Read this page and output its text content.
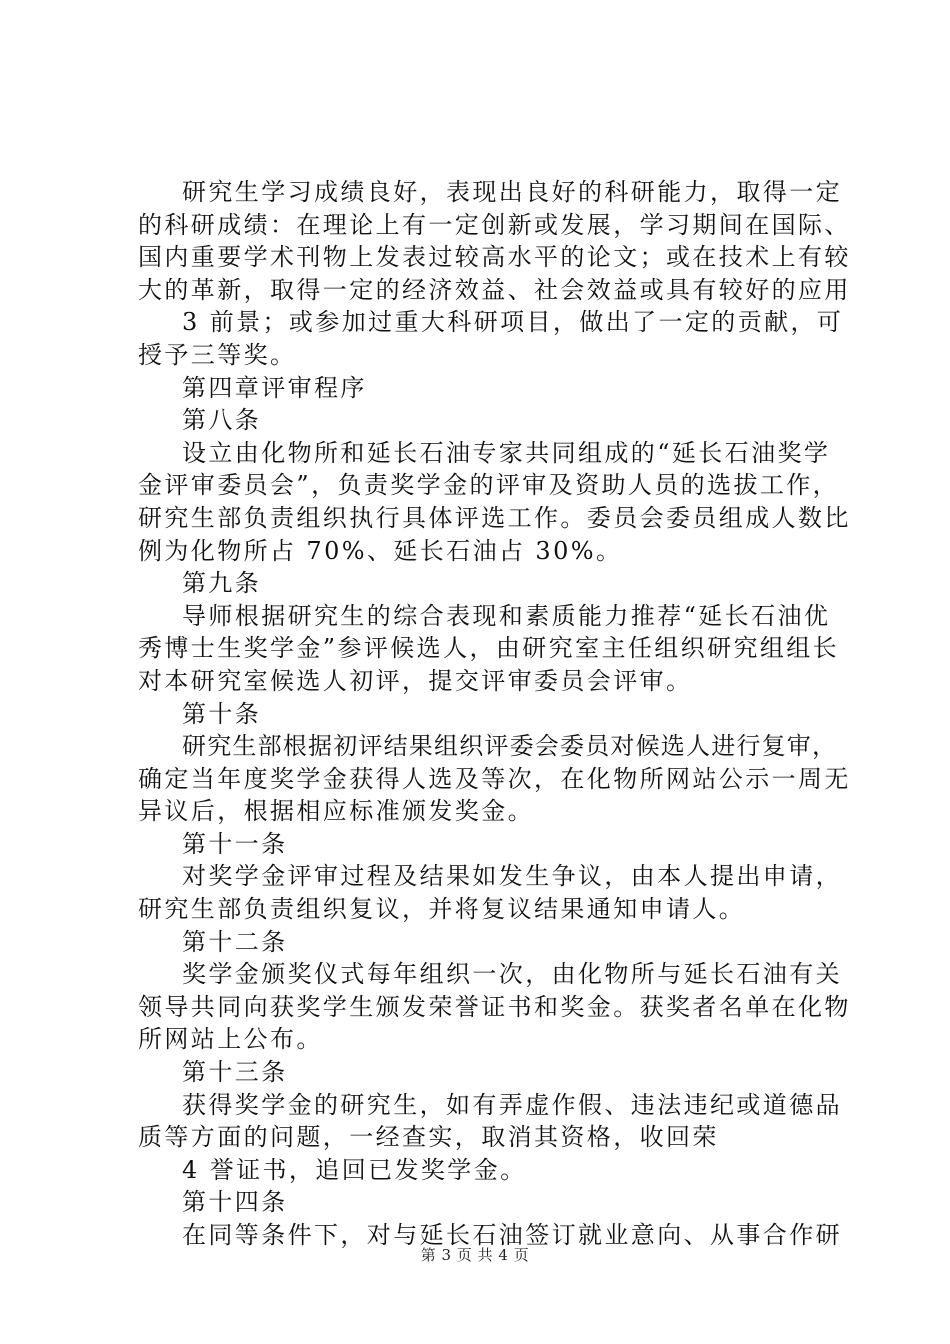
研究生学习成绩良好，表现出良好的科研能力，取得一定
的科研成绩：在理论上有一定创新或发展，学习期间在国际、
国内重要学术刊物上发表过较高水平的论文；或在技术上有较
大的革新，取得一定的经济效益、社会效益或具有较好的应用
3 前景；或参加过重大科研项目，做出了一定的贡献，可
授予三等奖。
第四章评审程序
第八条
设立由化物所和延长石油专家共同组成的“延长石油奖学
金评审委员会”，负责奖学金的评审及资助人员的选拔工作，
研究生部负责组织执行具体评选工作。委员会委员组成人数比
例为化物所占 70%、延长石油占 30%。
第九条
导师根据研究生的综合表现和素质能力推荐“延长石油优
秀博士生奖学金”参评候选人，由研究室主任组织研究组组长
对本研究室候选人初评，提交评审委员会评审。
第十条
研究生部根据初评结果组织评委会委员对候选人进行复审，
确定当年度奖学金获得人选及等次，在化物所网站公示一周无
异议后，根据相应标准颁发奖金。
第十一条
对奖学金评审过程及结果如发生争议，由本人提出申请，
研究生部负责组织复议，并将复议结果通知申请人。
第十二条
奖学金颁奖仪式每年组织一次，由化物所与延长石油有关
领导共同向获奖学生颁发荣誉证书和奖金。获奖者名单在化物
所网站上公布。
第十三条
获得奖学金的研究生，如有弄虚作假、违法违纪或道德品
质等方面的问题，一经查实，取消其资格，收回荣
4 誉证书，追回已发奖学金。
第十四条
在同等条件下，对与延长石油签订就业意向、从事合作研
第 3 页 共 4 页
